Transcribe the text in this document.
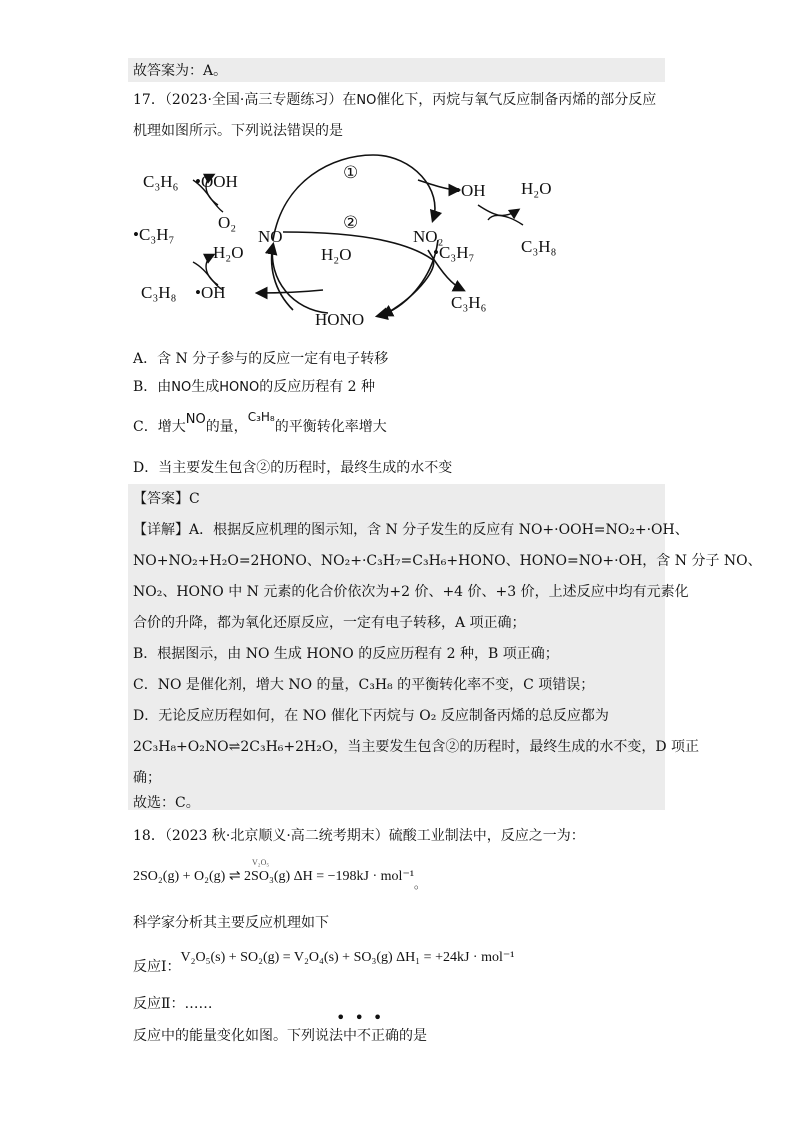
故答案为：A。
17．（2023·全国·高三专题练习）在NO催化下，丙烷与氧气反应制备丙烯的部分反应
机理如图所示。下列说法错误的是
C₃H₆ •OOH
O₂
•C₃H₇
H₂O
C₃H₈ •OH
①
②
NO	NO₂
H₂O	•C₃H₇
HONO
C₃H₆
•OH H₂O
C₃H₈
A．含 N 分子参与的反应一定有电子转移
B．由NO生成HONO的反应历程有 2 种
C．增大NO的量，C₃H₈的平衡转化率增大
D．当主要发生包含②的历程时，最终生成的水不变
【答案】C
【详解】A．根据反应机理的图示知，含 N 分子发生的反应有 NO+·OOH=NO₂+·OH、
NO+NO₂+H₂O=2HONO、NO₂+·C₃H₇=C₃H₆+HONO、HONO=NO+·OH，含 N 分子 NO、
NO₂、HONO 中 N 元素的化合价依次为+2 价、+4 价、+3 价，上述反应中均有元素化
合价的升降，都为氧化还原反应，一定有电子转移，A 项正确；
B．根据图示，由 NO 生成 HONO 的反应历程有 2 种，B 项正确；
C．NO 是催化剂，增大 NO 的量，C₃H₈ 的平衡转化率不变，C 项错误；
D．无论反应历程如何，在 NO 催化下丙烷与 O₂ 反应制备丙烯的总反应都为
2C₃H₈+O₂NO⇌2C₃H₆+2H₂O，当主要发生包含②的历程时，最终生成的水不变，D 项正
确；
故选：C。
18．（2023 秋·北京顺义·高二统考期末）硫酸工业制法中，反应之一为：
2SO₂(g) + O₂(g) ⇌ 2SO₃(g) ΔH = −198kJ · mol⁻¹。
V₂O₅
科学家分析其主要反应机理如下
反应Ⅰ：V₂O₅(s) + SO₂(g) = V₂O₄(s) + SO₃(g) ΔH₁ = +24kJ · mol⁻¹
反应Ⅱ：……
•••
反应中的能量变化如图。下列说法中不正确的是
